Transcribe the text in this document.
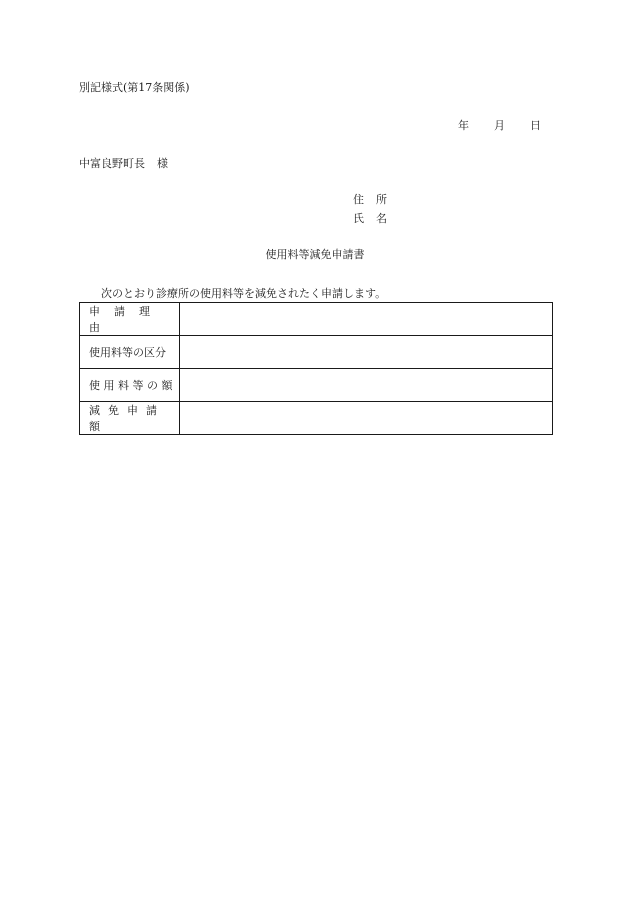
別記様式(第17条関係)
年 月 日
中富良野町長 様
住所
氏名
使用料等減免申請書
次のとおり診療所の使用料等を減免されたく申請します。
申請理由	
使用料等の区分	
使用料等の額	
減免申請額	
